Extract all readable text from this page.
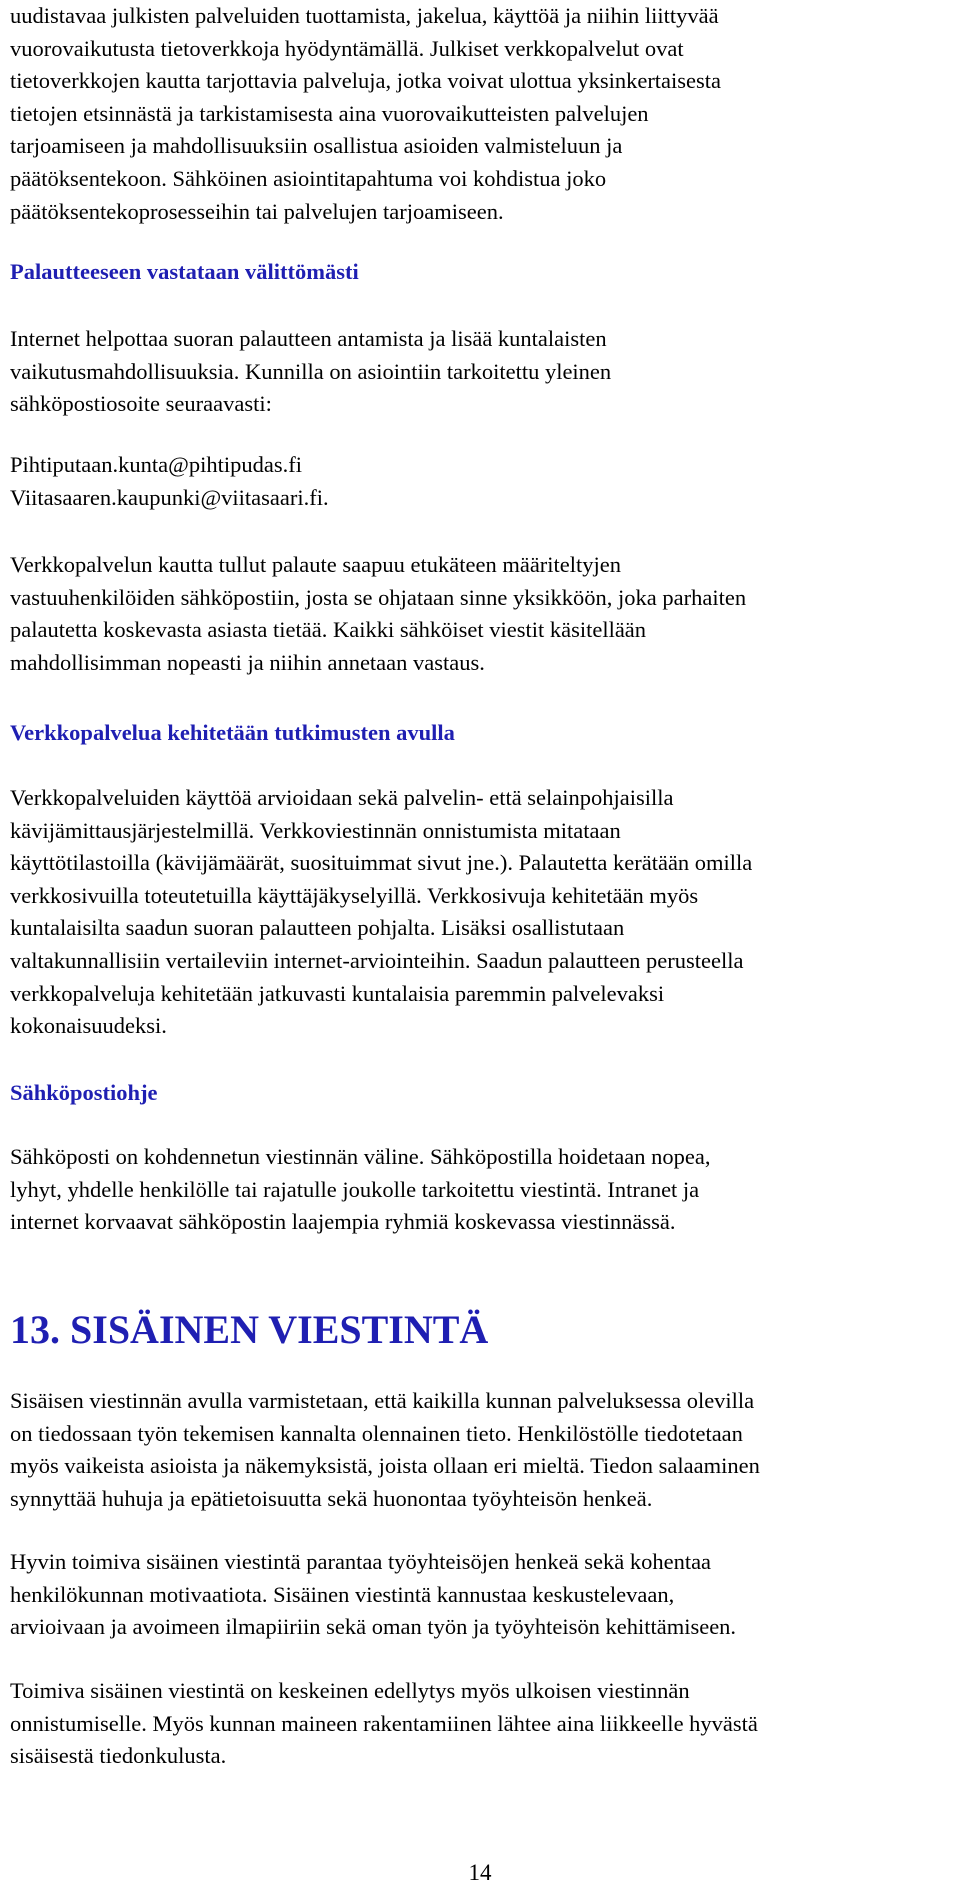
uudistavaa julkisten palveluiden tuottamista, jakelua, käyttöä ja niihin liittyvää
vuorovaikutusta tietoverkkoja hyödyntämällä. Julkiset verkkopalvelut ovat
tietoverkkojen kautta tarjottavia palveluja, jotka voivat ulottua yksinkertaisesta
tietojen etsinnästä ja tarkistamisesta aina vuorovaikutteisten palvelujen
tarjoamiseen ja mahdollisuuksiin osallistua asioiden valmisteluun ja
päätöksentekoon. Sähköinen asiointitapahtuma voi kohdistua joko
päätöksentekoprosesseihin tai palvelujen tarjoamiseen.

Palautteeseen vastataan välittömästi

Internet helpottaa suoran palautteen antamista ja lisää kuntalaisten
vaikutusmahdollisuuksia. Kunnilla on asiointiin tarkoitettu yleinen
sähköpostiosoite seuraavasti:

Pihtiputaan.kunta@pihtipudas.fi
Viitasaaren.kaupunki@viitasaari.fi.

Verkkopalvelun kautta tullut palaute saapuu etukäteen määriteltyjen
vastuuhenkilöiden sähköpostiin, josta se ohjataan sinne yksikköön, joka parhaiten
palautetta koskevasta asiasta tietää. Kaikki sähköiset viestit käsitellään
mahdollisimman nopeasti ja niihin annetaan vastaus.

Verkkopalvelua kehitetään tutkimusten avulla

Verkkopalveluiden käyttöä arvioidaan sekä palvelin- että selainpohjaisilla
kävijämittausjärjestelmillä. Verkkoviestinnän onnistumista mitataan
käyttötilastoilla (kävijämäärät, suosituimmat sivut jne.). Palautetta kerätään omilla
verkkosivuilla toteutetuilla käyttäjäkyselyillä. Verkkosivuja kehitetään myös
kuntalaisilta saadun suoran palautteen pohjalta. Lisäksi osallistutaan
valtakunnallisiin vertaileviin internet-arviointeihin. Saadun palautteen perusteella
verkkopalveluja kehitetään jatkuvasti kuntalaisia paremmin palvelevaksi
kokonaisuudeksi.

Sähköpostiohje

Sähköposti on kohdennetun viestinnän väline. Sähköpostilla hoidetaan nopea,
lyhyt, yhdelle henkilölle tai rajatulle joukolle tarkoitettu viestintä. Intranet ja
internet korvaavat sähköpostin laajempia ryhmiä koskevassa viestinnässä.

13. SISÄINEN VIESTINTÄ

Sisäisen viestinnän avulla varmistetaan, että kaikilla kunnan palveluksessa olevilla
on tiedossaan työn tekemisen kannalta olennainen tieto. Henkilöstölle tiedotetaan
myös vaikeista asioista ja näkemyksistä, joista ollaan eri mieltä. Tiedon salaaminen
synnyttää huhuja ja epätietoisuutta sekä huonontaa työyhteisön henkeä.

Hyvin toimiva sisäinen viestintä parantaa työyhteisöjen henkeä sekä kohentaa
henkilökunnan motivaatiota. Sisäinen viestintä kannustaa keskustelevaan,
arvioivaan ja avoimeen ilmapiiriin sekä oman työn ja työyhteisön kehittämiseen.

Toimiva sisäinen viestintä on keskeinen edellytys myös ulkoisen viestinnän
onnistumiselle. Myös kunnan maineen rakentamiinen lähtee aina liikkeelle hyvästä
sisäisestä tiedonkulusta.

14
